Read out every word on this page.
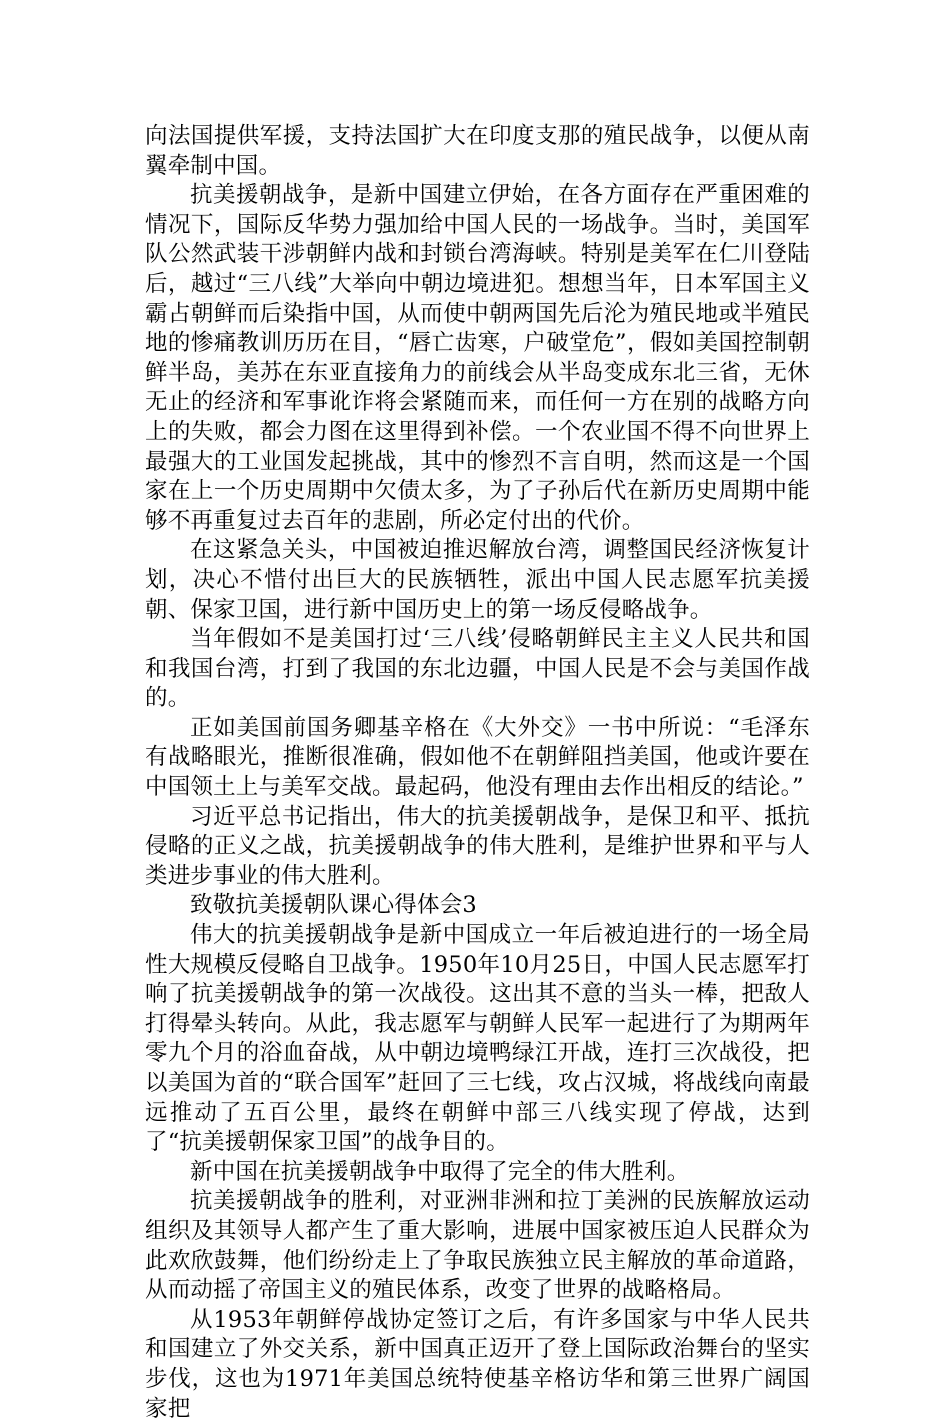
向法国提供军援，支持法国扩大在印度支那的殖民战争，以便从南翼牵制中国。

抗美援朝战争，是新中国建立伊始，在各方面存在严重困难的情况下，国际反华势力强加给中国人民的一场战争。当时，美国军队公然武装干涉朝鲜内战和封锁台湾海峡。特别是美军在仁川登陆后，越过“三八线”大举向中朝边境进犯。想想当年，日本军国主义霸占朝鲜而后染指中国，从而使中朝两国先后沦为殖民地或半殖民地的惨痛教训历历在目，“唇亡齿寒，户破堂危”，假如美国控制朝鲜半岛，美苏在东亚直接角力的前线会从半岛变成东北三省，无休无止的经济和军事讹诈将会紧随而来，而任何一方在别的战略方向上的失败，都会力图在这里得到补偿。一个农业国不得不向世界上最强大的工业国发起挑战，其中的惨烈不言自明，然而这是一个国家在上一个历史周期中欠债太多，为了子孙后代在新历史周期中能够不再重复过去百年的悲剧，所必定付出的代价。

在这紧急关头，中国被迫推迟解放台湾，调整国民经济恢复计划，决心不惜付出巨大的民族牺牲，派出中国人民志愿军抗美援朝、保家卫国，进行新中国历史上的第一场反侵略战争。

当年假如不是美国打过‘三八线’侵略朝鲜民主主义人民共和国和我国台湾，打到了我国的东北边疆，中国人民是不会与美国作战的。

正如美国前国务卿基辛格在《大外交》一书中所说：“毛泽东有战略眼光，推断很准确，假如他不在朝鲜阻挡美国，他或许要在中国领土上与美军交战。最起码，他没有理由去作出相反的结论。”

习近平总书记指出，伟大的抗美援朝战争，是保卫和平、抵抗侵略的正义之战，抗美援朝战争的伟大胜利，是维护世界和平与人类进步事业的伟大胜利。

致敬抗美援朝队课心得体会3

伟大的抗美援朝战争是新中国成立一年后被迫进行的一场全局性大规模反侵略自卫战争。1950年10月25日，中国人民志愿军打响了抗美援朝战争的第一次战役。这出其不意的当头一棒，把敌人打得晕头转向。从此，我志愿军与朝鲜人民军一起进行了为期两年零九个月的浴血奋战，从中朝边境鸭绿江开战，连打三次战役，把以美国为首的“联合国军”赶回了三七线，攻占汉城，将战线向南最远推动了五百公里，最终在朝鲜中部三八线实现了停战，达到了“抗美援朝保家卫国”的战争目的。

新中国在抗美援朝战争中取得了完全的伟大胜利。

抗美援朝战争的胜利，对亚洲非洲和拉丁美洲的民族解放运动组织及其领导人都产生了重大影响，进展中国家被压迫人民群众为此欢欣鼓舞，他们纷纷走上了争取民族独立民主解放的革命道路，从而动摇了帝国主义的殖民体系，改变了世界的战略格局。

从1953年朝鲜停战协定签订之后，有许多国家与中华人民共和国建立了外交关系，新中国真正迈开了登上国际政治舞台的坚实步伐，这也为1971年美国总统特使基辛格访华和第三世界广阔国家把
